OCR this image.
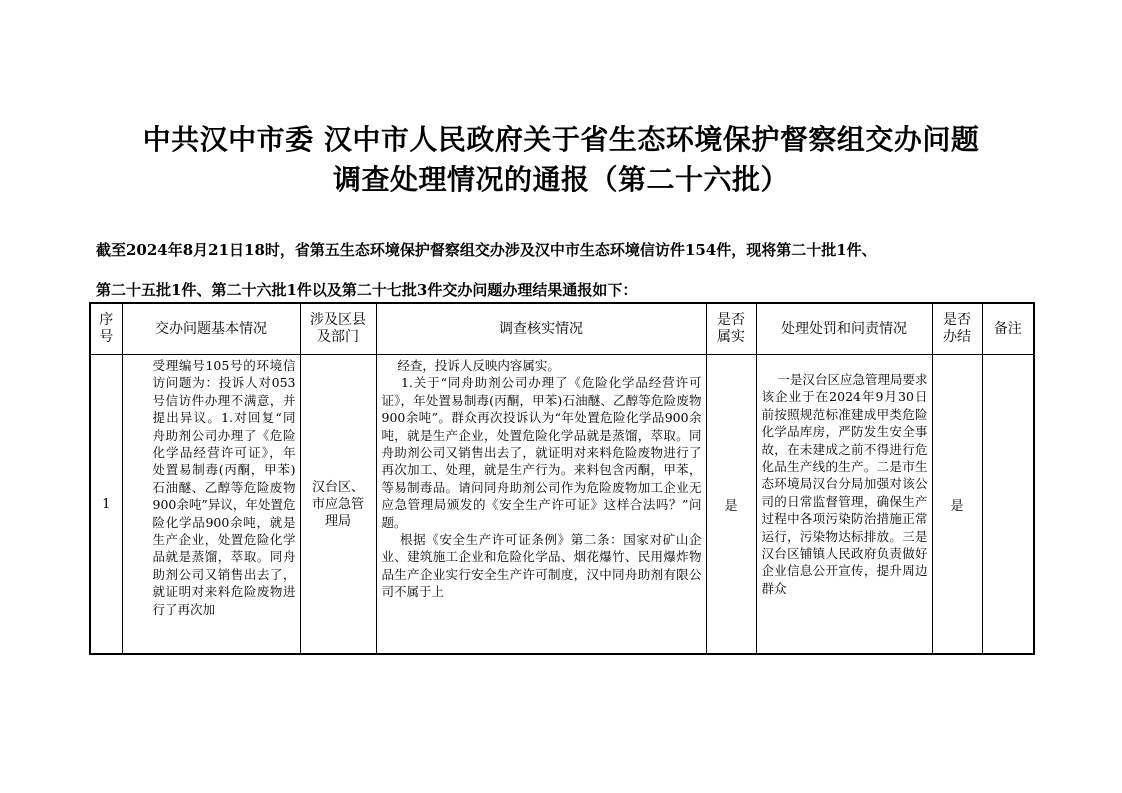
中共汉中市委 汉中市人民政府关于省生态环境保护督察组交办问题
调查处理情况的通报（第二十六批）
截至2024年8月21日18时，省第五生态环境保护督察组交办涉及汉中市生态环境信访件154件，现将第二十批1件、
第二十五批1件、第二十六批1件以及第二十七批3件交办问题办理结果通报如下：
序号	交办问题基本情况	涉及区县及部门	调查核实情况	是否属实	处理处罚和问责情况	是否办结	备注
1	受理编号105号的环境信访问题为：投诉人对053号信访件办理不满意，并提出异议。1.对回复“同舟助剂公司办理了《危险化学品经营许可证》，年处置易制毒(丙酮，甲苯)石油醚、乙醇等危险废物900余吨”异议，年处置危险化学品900余吨，就是生产企业，处置危险化学品就是蒸馏，萃取。同舟助剂公司又销售出去了，就证明对来料危险废物进行了再次加	汉台区、市应急管理局	经查，投诉人反映内容属实。
1.关于“同舟助剂公司办理了《危险化学品经营许可证》，年处置易制毒(丙酮，甲苯)石油醚、乙醇等危险废物900余吨”。群众再次投诉认为“年处置危险化学品900余吨，就是生产企业，处置危险化学品就是蒸馏，萃取。同舟助剂公司又销售出去了，就证明对来料危险废物进行了再次加工、处理，就是生产行为。来料包含丙酮，甲苯，等易制毒品。请问同舟助剂公司作为危险废物加工企业无应急管理局颁发的《安全生产许可证》这样合法吗？”问题。
根据《安全生产许可证条例》第二条：国家对矿山企业、建筑施工企业和危险化学品、烟花爆竹、民用爆炸物品生产企业实行安全生产许可制度，汉中同舟助剂有限公司不属于上	是	一是汉台区应急管理局要求该企业于在2024年9月30日前按照规范标准建成甲类危险化学品库房，严防发生安全事故，在未建成之前不得进行危化品生产线的生产。二是市生态环境局汉台分局加强对该公司的日常监督管理，确保生产过程中各项污染防治措施正常运行，污染物达标排放。三是汉台区铺镇人民政府负责做好企业信息公开宣传，提升周边群众	是	
